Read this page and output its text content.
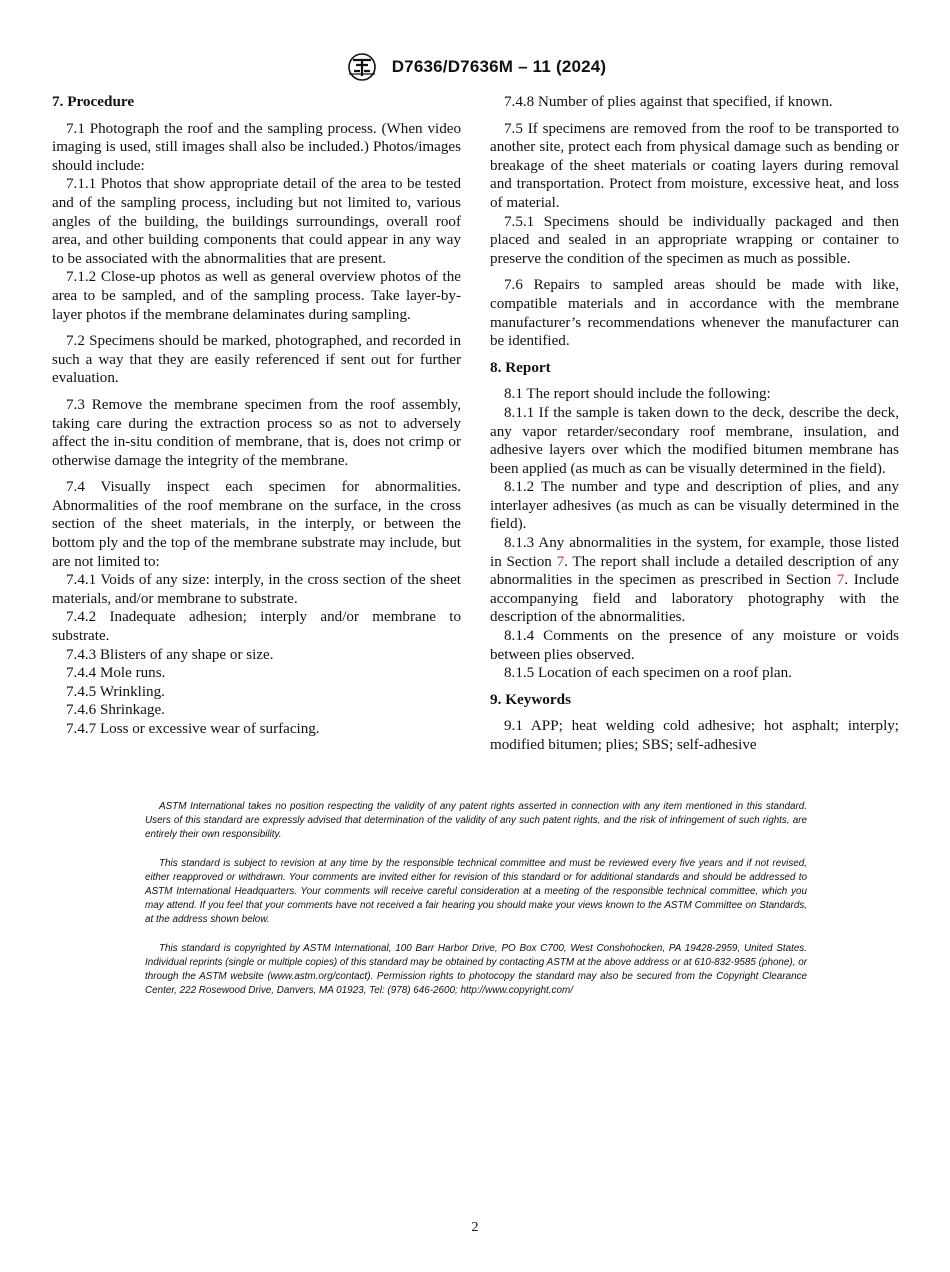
D7636/D7636M – 11 (2024)
7. Procedure

7.1 Photograph the roof and the sampling process. (When video imaging is used, still images shall also be included.) Photos/images should include:

7.1.1 Photos that show appropriate detail of the area to be tested and of the sampling process, including but not limited to, various angles of the building, the buildings surroundings, overall roof area, and other building components that could appear in any way to be associated with the abnormalities that are present.

7.1.2 Close-up photos as well as general overview photos of the area to be sampled, and of the sampling process. Take layer-by-layer photos if the membrane delaminates during sampling.

7.2 Specimens should be marked, photographed, and recorded in such a way that they are easily referenced if sent out for further evaluation.

7.3 Remove the membrane specimen from the roof assembly, taking care during the extraction process so as not to adversely affect the in-situ condition of membrane, that is, does not crimp or otherwise damage the integrity of the membrane.

7.4 Visually inspect each specimen for abnormalities. Abnormalities of the roof membrane on the surface, in the cross section of the sheet materials, in the interply, or between the bottom ply and the top of the membrane substrate may include, but are not limited to:

7.4.1 Voids of any size: interply, in the cross section of the sheet materials, and/or membrane to substrate.

7.4.2 Inadequate adhesion; interply and/or membrane to substrate.

7.4.3 Blisters of any shape or size.

7.4.4 Mole runs.

7.4.5 Wrinkling.

7.4.6 Shrinkage.

7.4.7 Loss or excessive wear of surfacing.

7.4.8 Number of plies against that specified, if known.

7.5 If specimens are removed from the roof to be transported to another site, protect each from physical damage such as bending or breakage of the sheet materials or coating layers during removal and transportation. Protect from moisture, excessive heat, and loss of material.

7.5.1 Specimens should be individually packaged and then placed and sealed in an appropriate wrapping or container to preserve the condition of the specimen as much as possible.

7.6 Repairs to sampled areas should be made with like, compatible materials and in accordance with the membrane manufacturer’s recommendations whenever the manufacturer can be identified.

8. Report

8.1 The report should include the following:

8.1.1 If the sample is taken down to the deck, describe the deck, any vapor retarder/secondary roof membrane, insulation, and adhesive layers over which the modified bitumen membrane has been applied (as much as can be visually determined in the field).

8.1.2 The number and type and description of plies, and any interlayer adhesives (as much as can be visually determined in the field).

8.1.3 Any abnormalities in the system, for example, those listed in Section 7. The report shall include a detailed description of any abnormalities in the specimen as prescribed in Section 7. Include accompanying field and laboratory photography with the description of the abnormalities.

8.1.4 Comments on the presence of any moisture or voids between plies observed.

8.1.5 Location of each specimen on a roof plan.

9. Keywords

9.1 APP; heat welding cold adhesive; hot asphalt; interply; modified bitumen; plies; SBS; self-adhesive

ASTM International takes no position respecting the validity of any patent rights asserted in connection with any item mentioned in this standard. Users of this standard are expressly advised that determination of the validity of any such patent rights, and the risk of infringement of such rights, are entirely their own responsibility.

This standard is subject to revision at any time by the responsible technical committee and must be reviewed every five years and if not revised, either reapproved or withdrawn. Your comments are invited either for revision of this standard or for additional standards and should be addressed to ASTM International Headquarters. Your comments will receive careful consideration at a meeting of the responsible technical committee, which you may attend. If you feel that your comments have not received a fair hearing you should make your views known to the ASTM Committee on Standards, at the address shown below.

This standard is copyrighted by ASTM International, 100 Barr Harbor Drive, PO Box C700, West Conshohocken, PA 19428-2959, United States. Individual reprints (single or multiple copies) of this standard may be obtained by contacting ASTM at the above address or at 610-832-9585 (phone), or through the ASTM website (www.astm.org/contact). Permission rights to photocopy the standard may also be secured from the Copyright Clearance Center, 222 Rosewood Drive, Danvers, MA 01923, Tel: (978) 646-2600; http://www.copyright.com/

2
